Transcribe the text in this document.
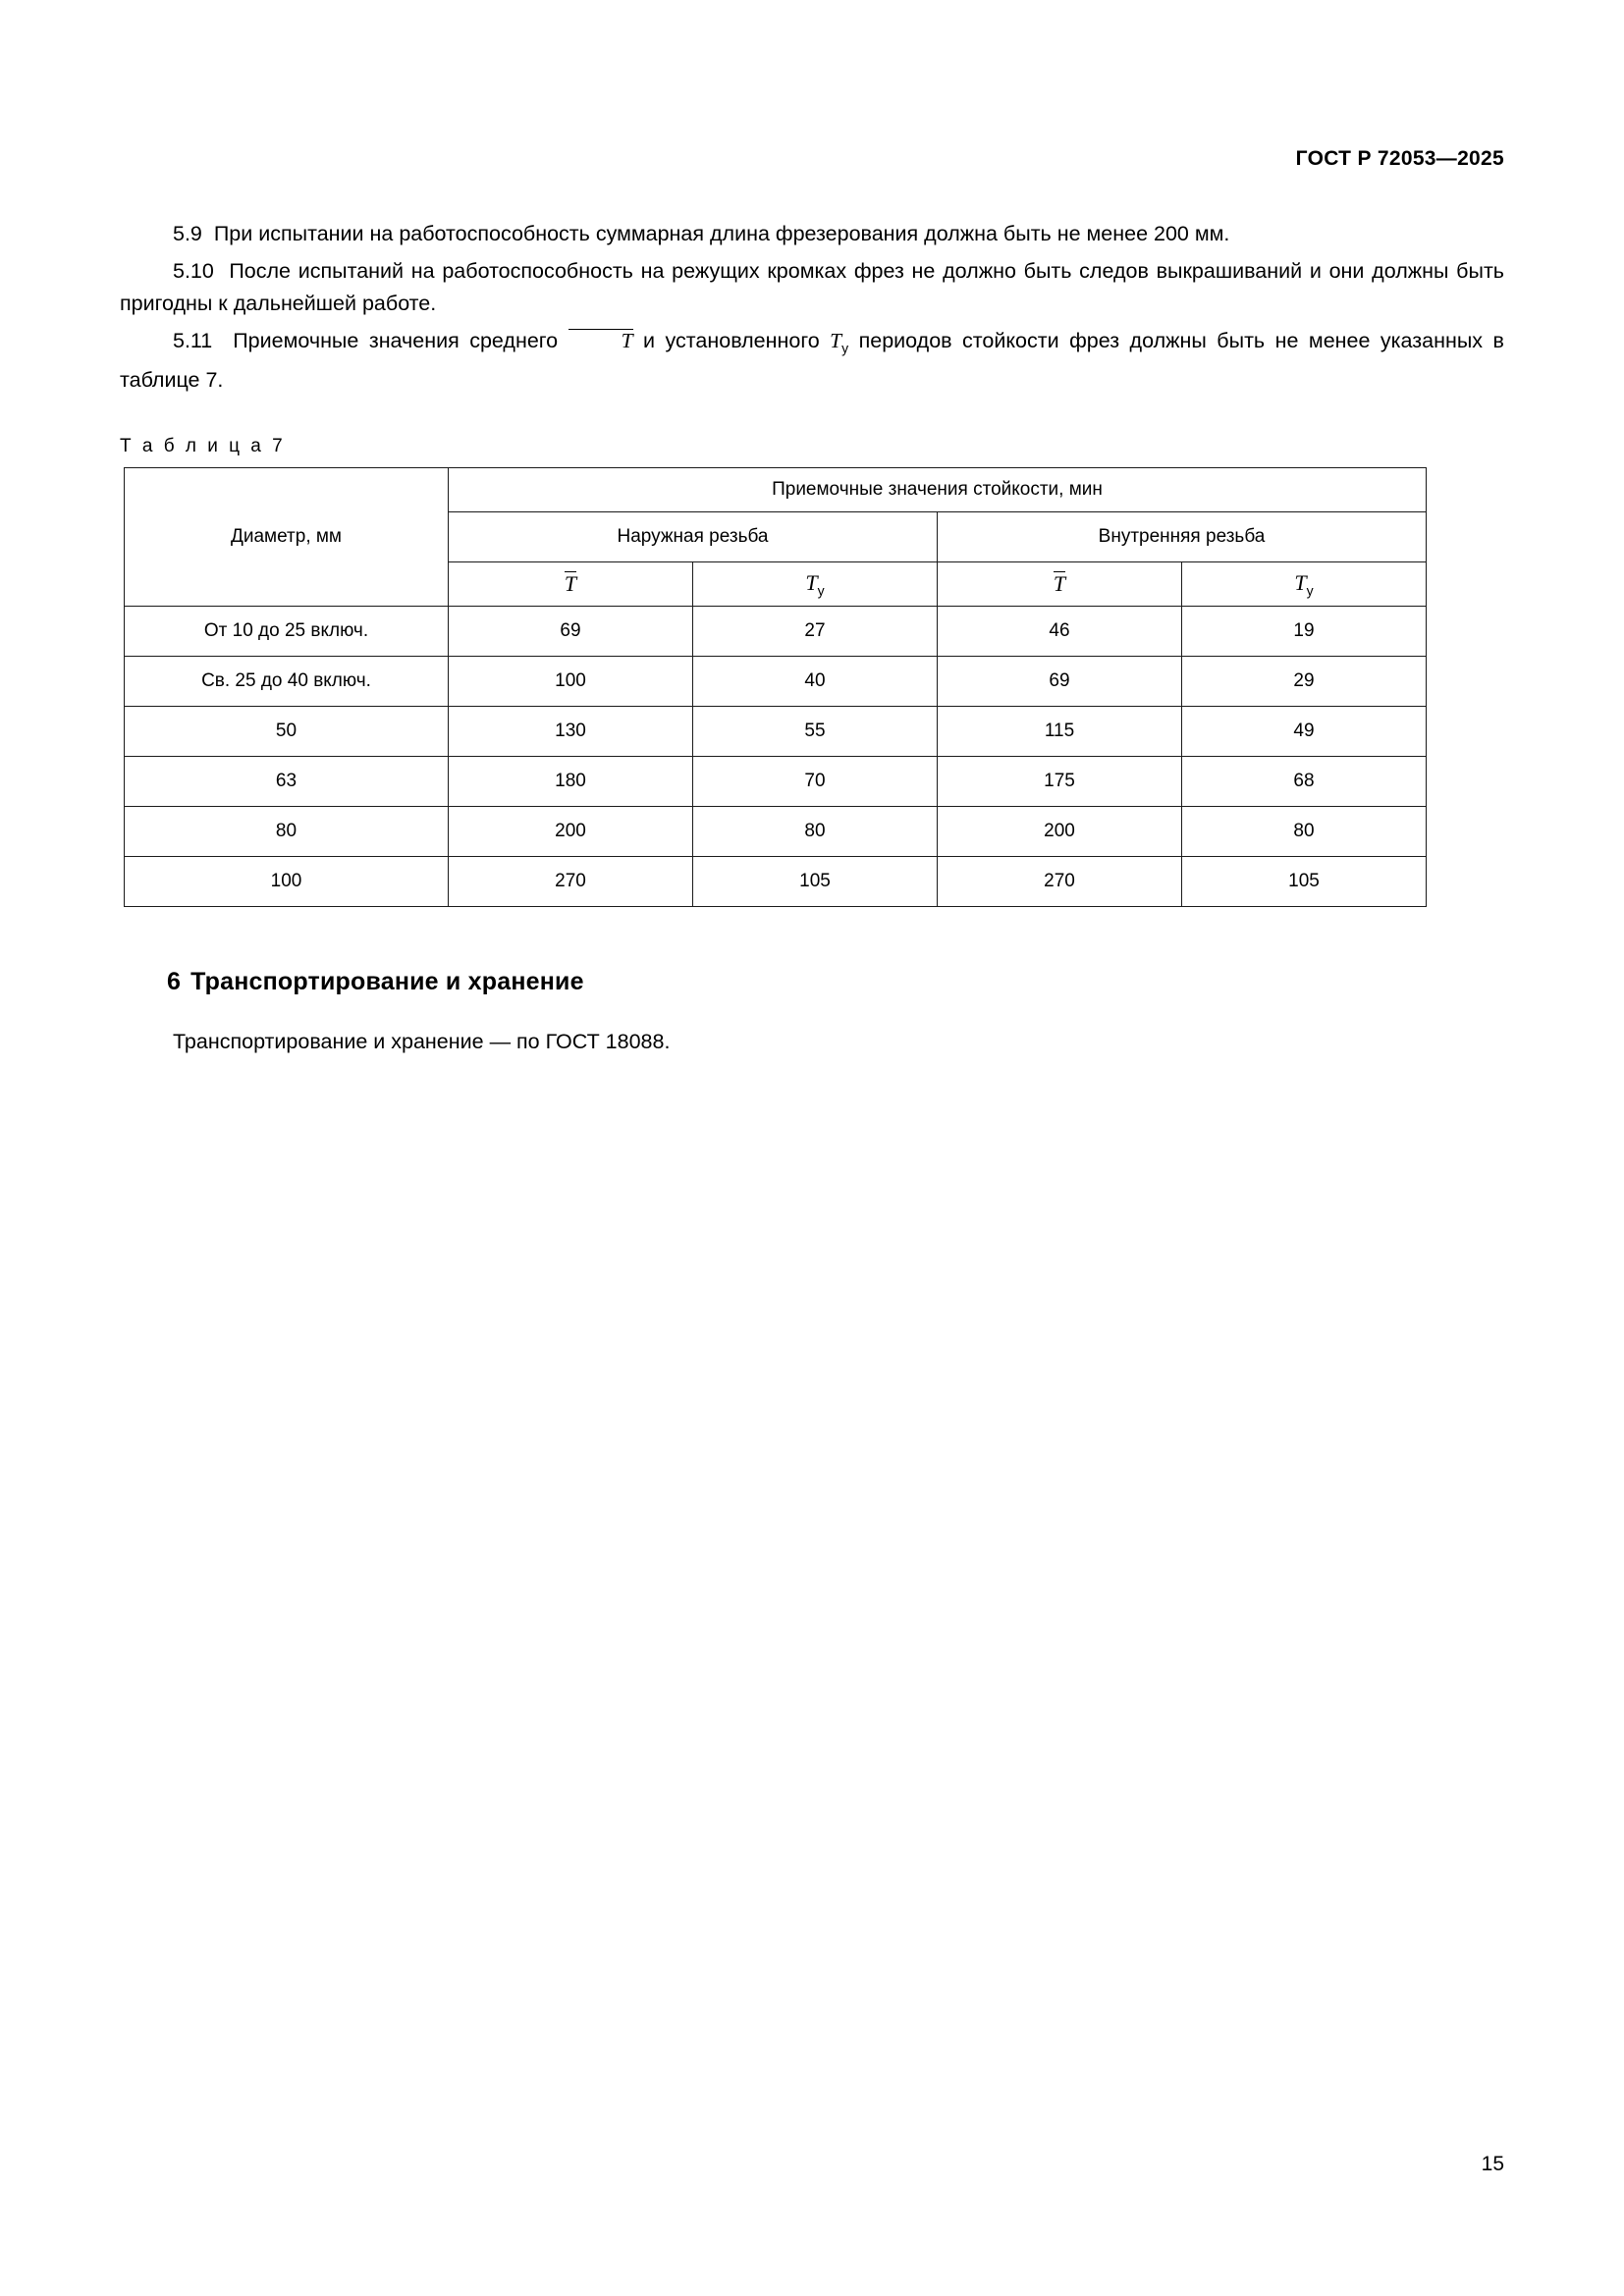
ГОСТ Р 72053—2025

5.9 При испытании на работоспособность суммарная длина фрезерования должна быть не менее 200 мм.

5.10 После испытаний на работоспособность на режущих кромках фрез не должно быть следов выкрашиваний и они должны быть пригодны к дальнейшей работе.

5.11 Приемочные значения среднего	T и установленного $T_у$ периодов стойкости фрез должны быть не менее указанных в таблице 7.

Т а б л и ц а 7
Диаметр, мм	Приемочные значения стойкости, мин			
	Наружная резьба		Внутренняя резьба	
	T	$T_у$	T	$T_у$
От 10 до 25 включ.	69	27	46	19
Св. 25 до 40 включ.	100	40	69	29
50	130	55	115	49
63	180	70	175	68
80	200	80	200	80
100	270	105	270	105
6 Транспортирование и хранение

Транспортирование и хранение — по ГОСТ 18088.

15
